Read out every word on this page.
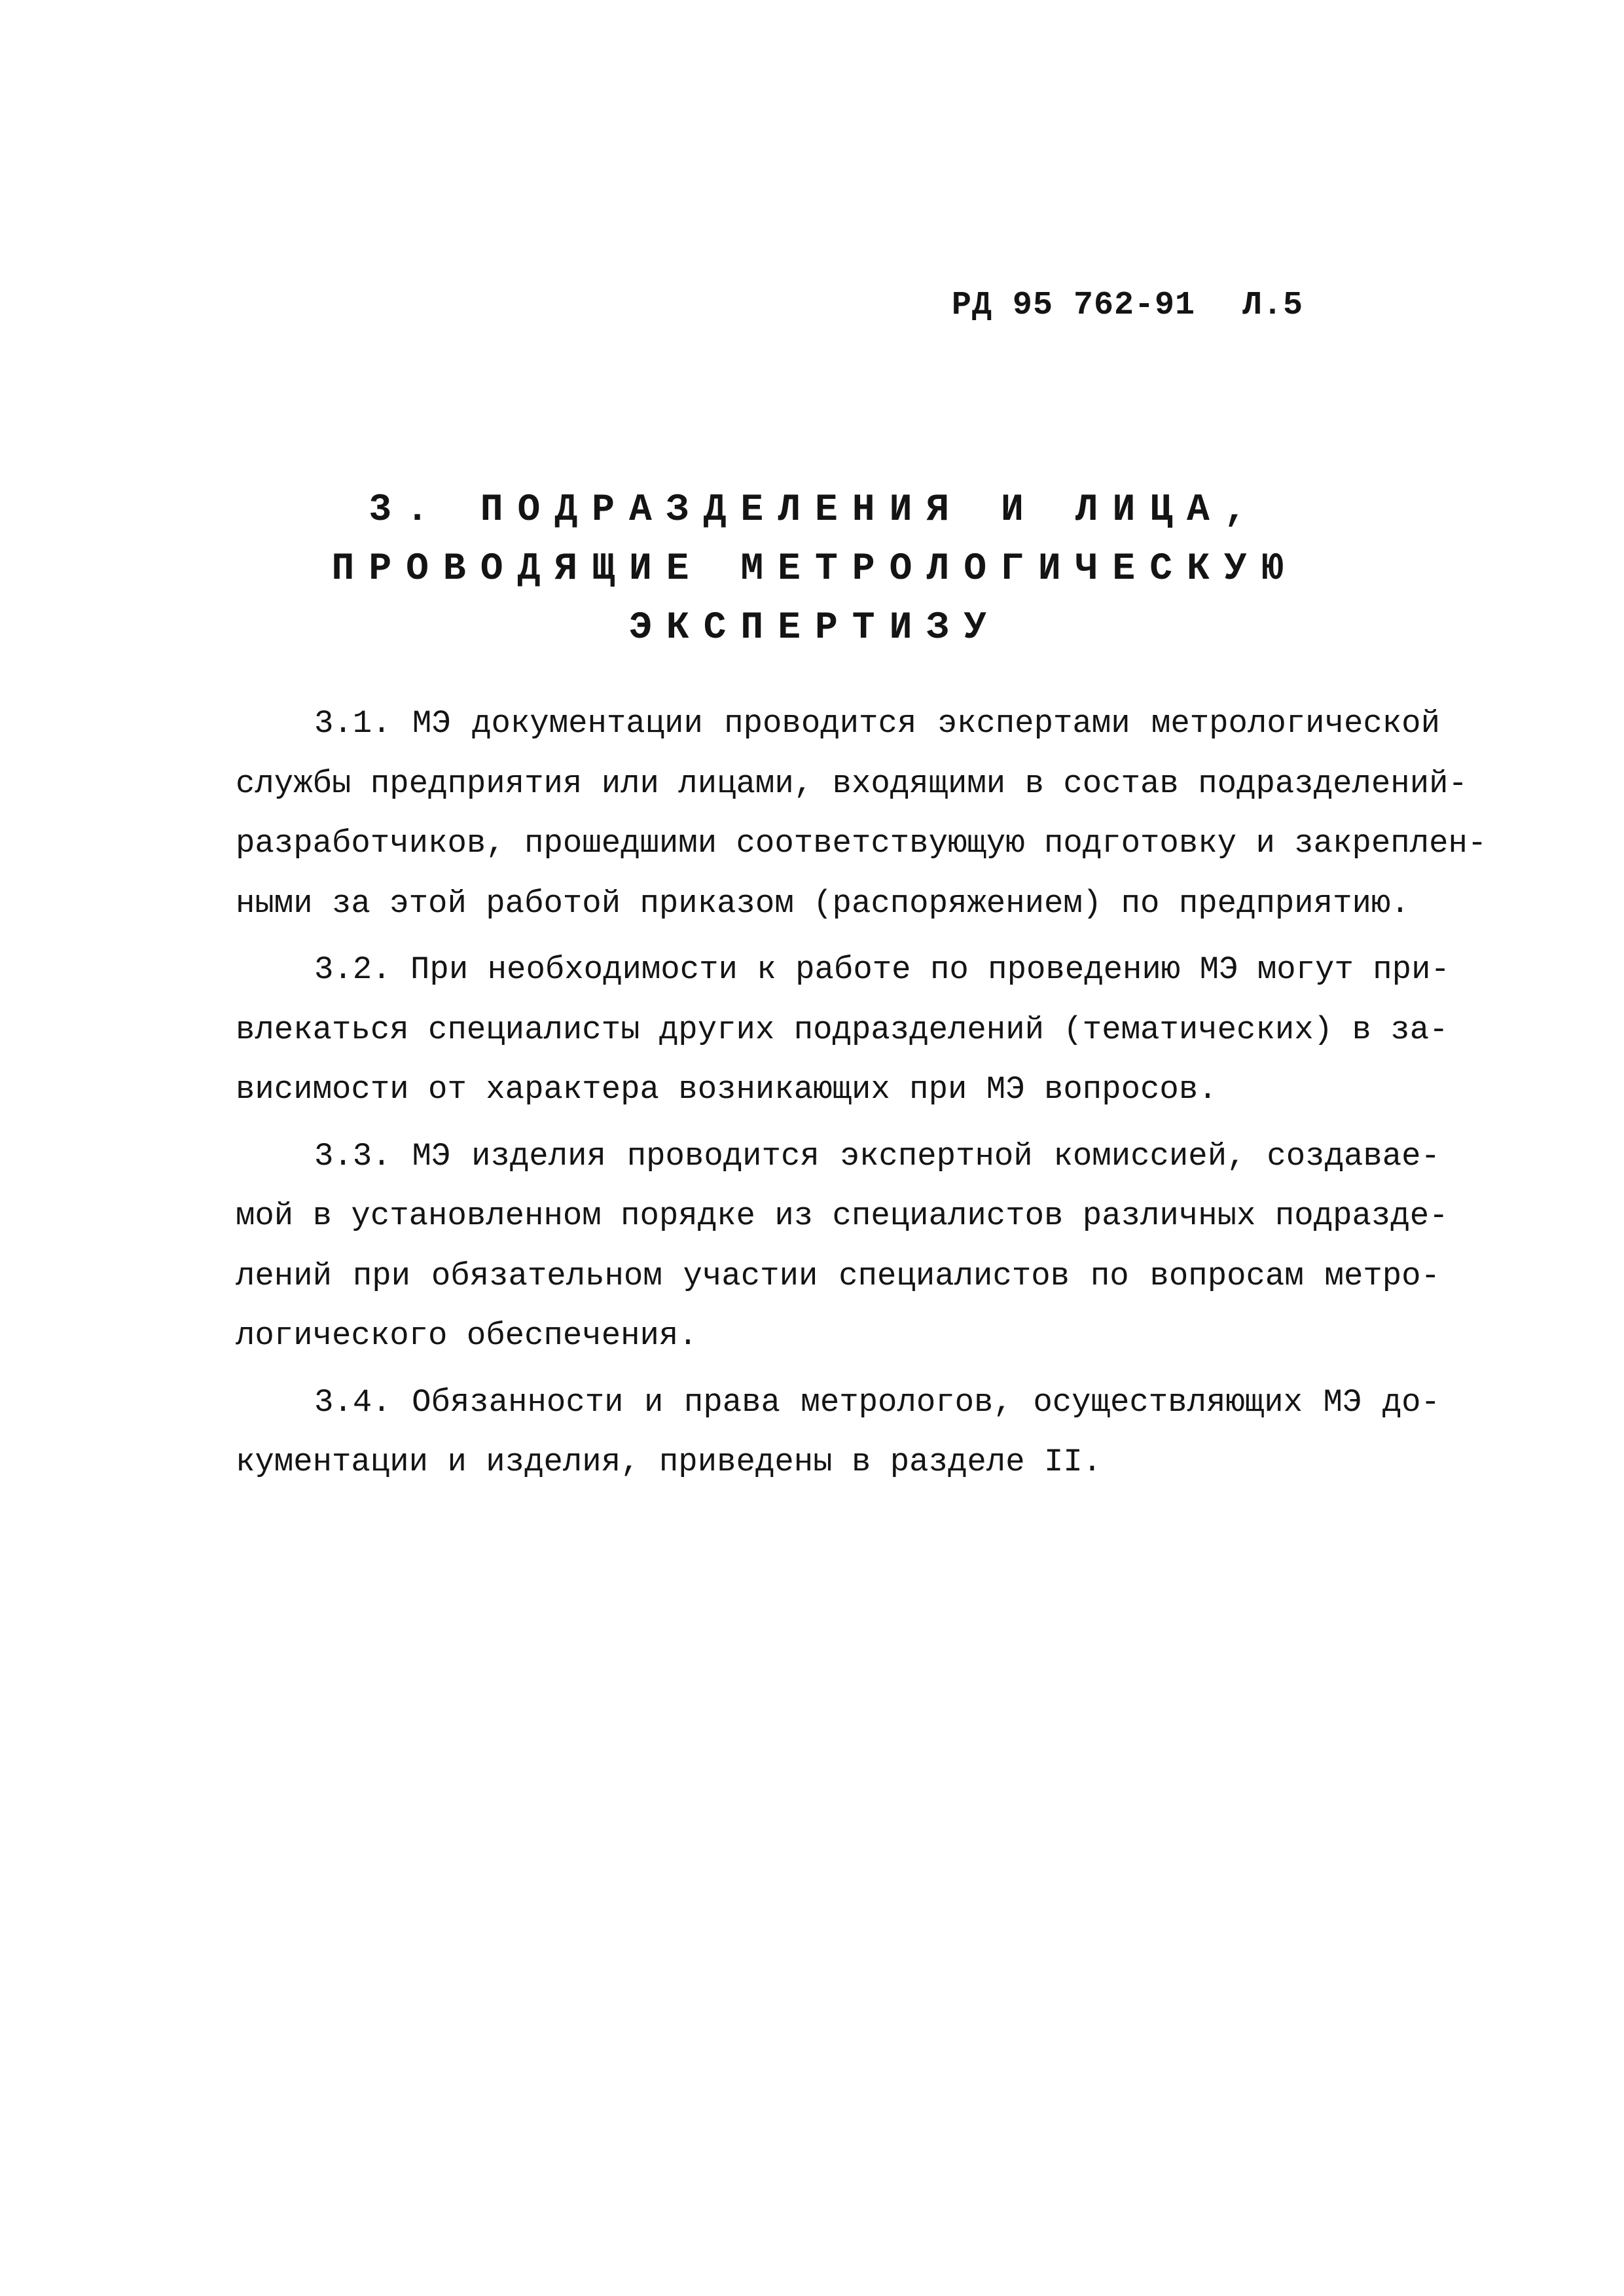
РД 95 762-91 Л.5
3. ПОДРАЗДЕЛЕНИЯ И ЛИЦА,
ПРОВОДЯЩИЕ МЕТРОЛОГИЧЕСКУЮ
ЭКСПЕРТИЗУ
3.1. МЭ документации проводится экспертами метрологической
службы предприятия или лицами, входящими в состав подразделений-
разработчиков, прошедшими соответствующую подготовку и закреплен-
ными за этой работой приказом (распоряжением) по предприятию.
3.2. При необходимости к работе по проведению МЭ могут при-
влекаться специалисты других подразделений (тематических) в за-
висимости от характера возникающих при МЭ вопросов.
3.3. МЭ изделия проводится экспертной комиссией, создавае-
мой в установленном порядке из специалистов различных подразде-
лений при обязательном участии специалистов по вопросам метро-
логического обеспечения.
3.4. Обязанности и права метрологов, осуществляющих МЭ до-
кументации и изделия, приведены в разделе II.
